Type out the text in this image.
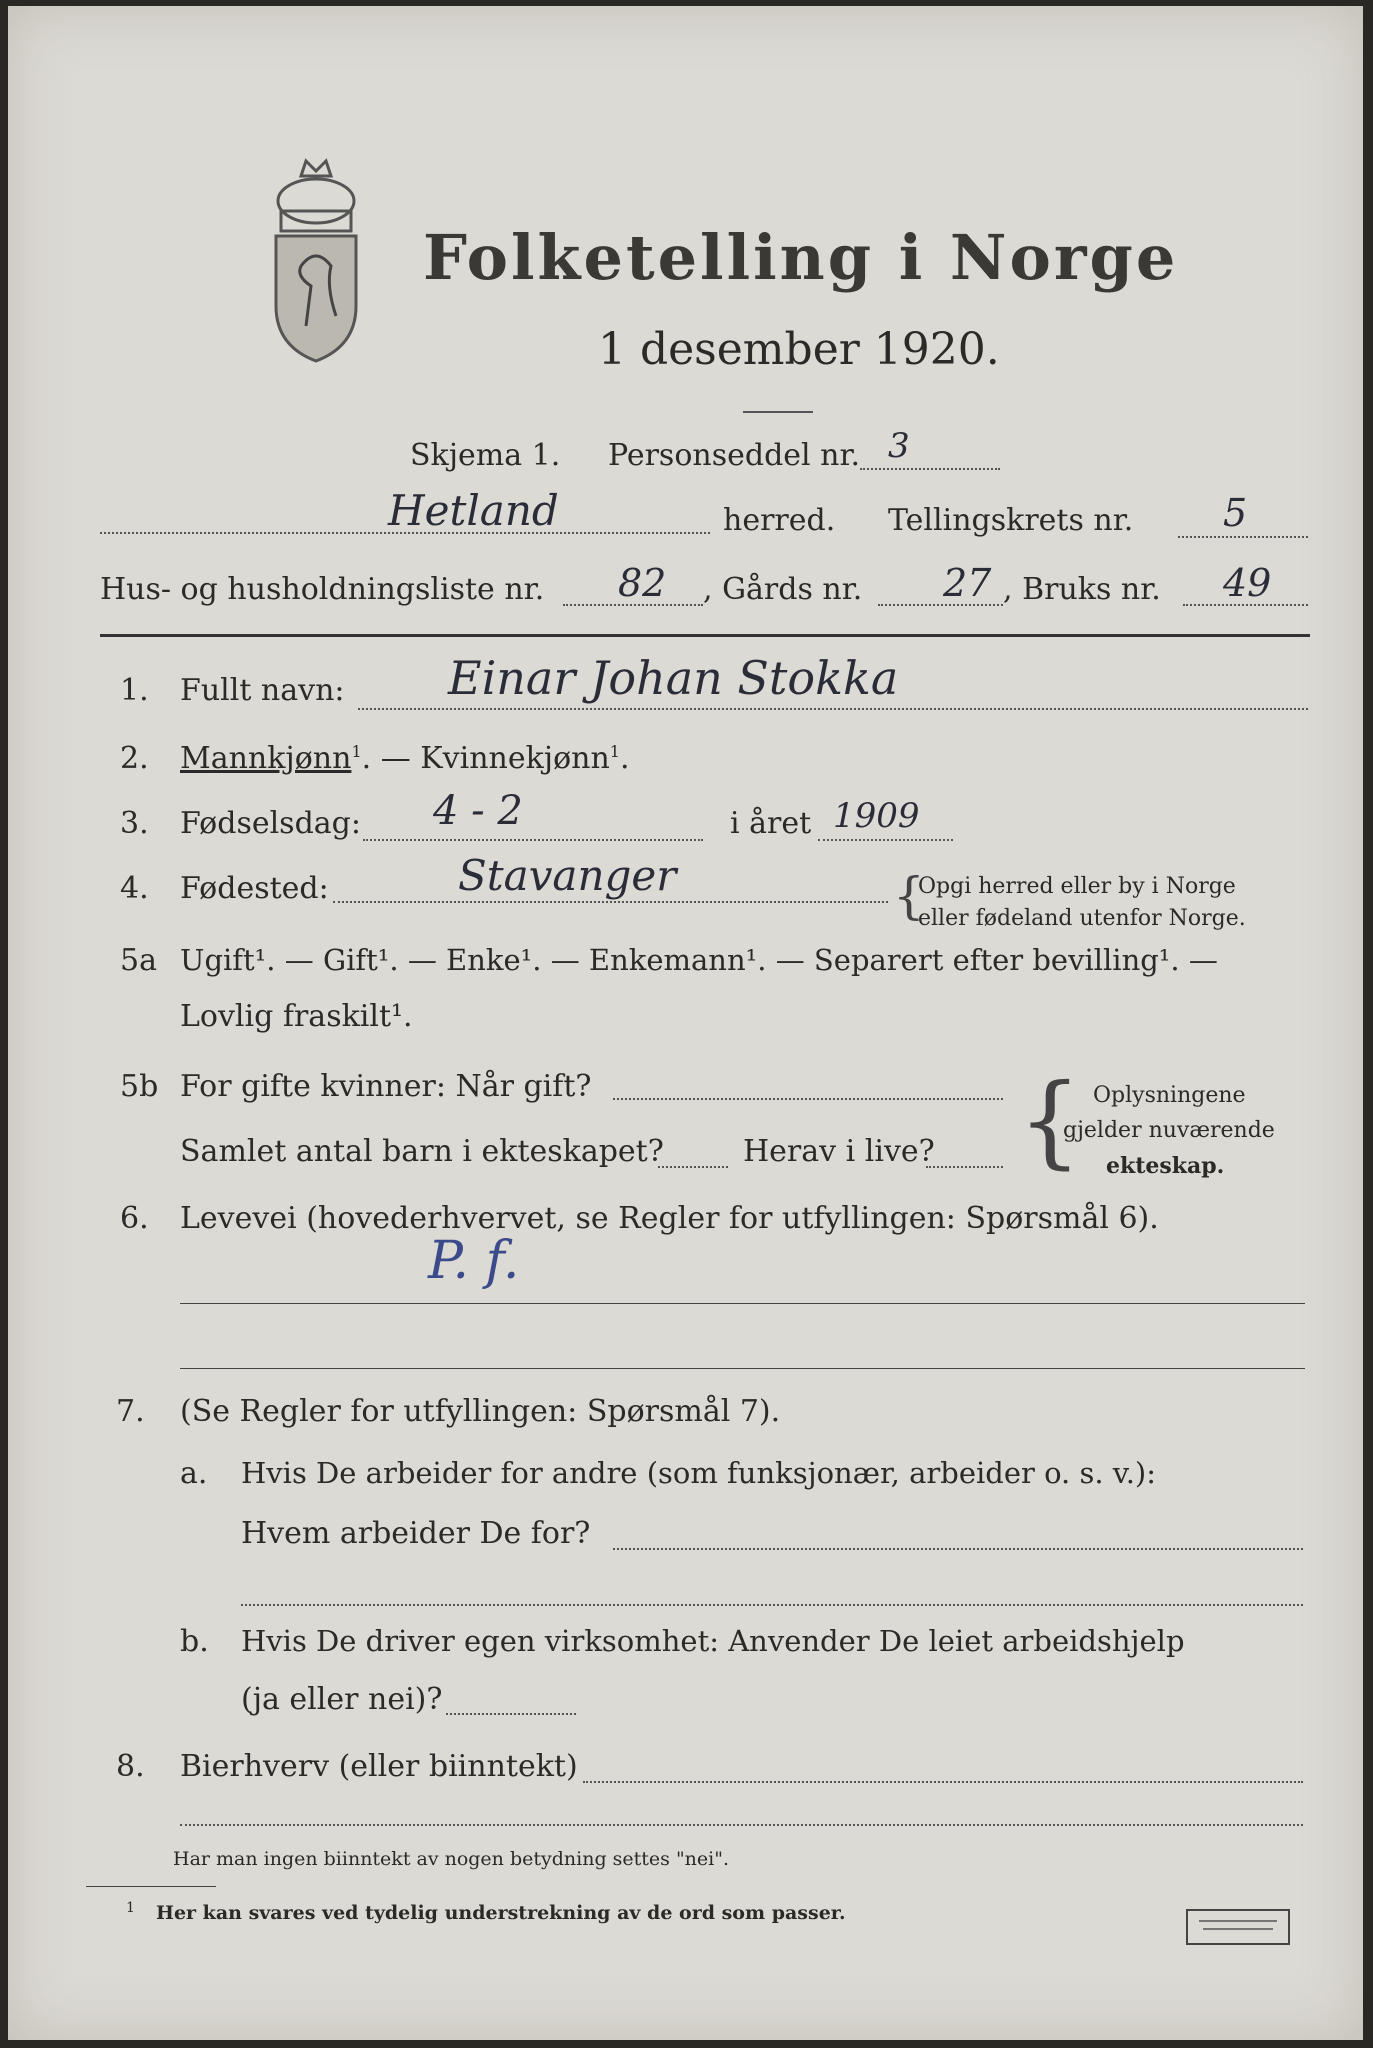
Folketelling i Norge
1 desember 1920.
Skjema 1. Personseddel nr. 3
Hetland	herred. Tellingskrets nr. 5
Hus- og husholdningsliste nr. 82 , Gårds nr. 27 , Bruks nr. 49
1. Fullt navn: Einar Johan Stokka
2. Mannkjønn$^1$. — Kvinnekjønn$^1$.
3. Fødselsdag: 4 - 2	i året 1909
4. Fødested:	Stavanger	{
Opgi herred eller by i Norge
eller fødeland utenfor Norge.
5a Ugift¹. — Gift¹. — Enke¹. — Enkemann¹. — Separert efter bevilling¹. —
Lovlig fraskilt¹.
5b For gifte kvinner: Når gift?
Samlet antal barn i ekteskapet?	Herav i live? { Oplysningene
gjelder nuværende
ekteskap.
6. Levevei (hovederhvervet, se Regler for utfyllingen: Spørsmål 6).
P. f.
7. (Se Regler for utfyllingen: Spørsmål 7).
a. Hvis De arbeider for andre (som funksjonær, arbeider o. s. v.):
Hvem arbeider De for?
b. Hvis De driver egen virksomhet: Anvender De leiet arbeidshjelp
(ja eller nei)?
8. Bierhverv (eller biinntekt)
Har man ingen biinntekt av nogen betydning settes "nei".
1 Her kan svares ved tydelig understrekning av de ord som passer.
